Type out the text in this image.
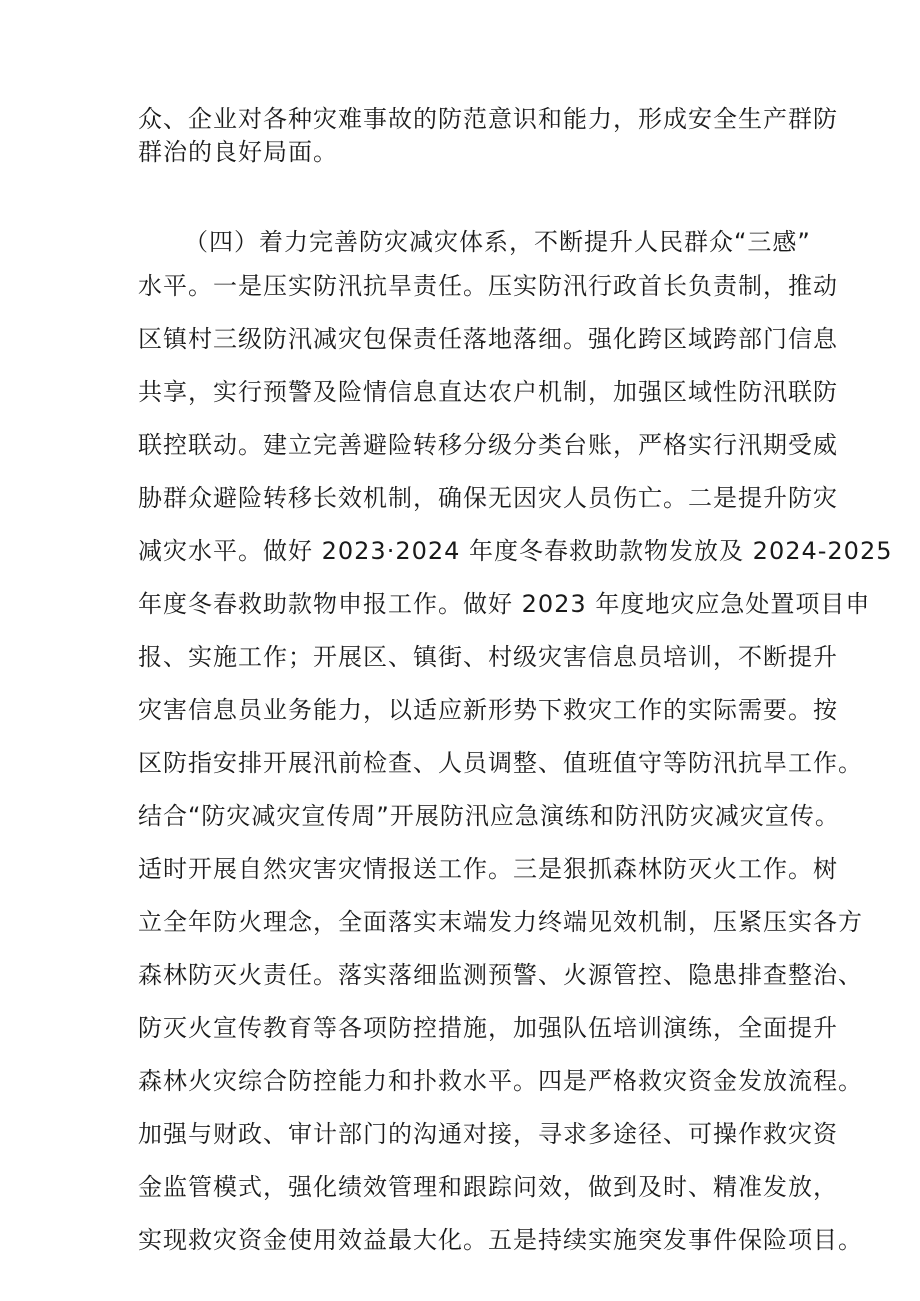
众、企业对各种灾难事故的防范意识和能力，形成安全生产群防
群治的良好局面。
（四）着力完善防灾减灾体系，不断提升人民群众“三感”
水平。一是压实防汛抗旱责任。压实防汛行政首长负责制，推动
区镇村三级防汛减灾包保责任落地落细。强化跨区域跨部门信息
共享，实行预警及险情信息直达农户机制，加强区域性防汛联防
联控联动。建立完善避险转移分级分类台账，严格实行汛期受威
胁群众避险转移长效机制，确保无因灾人员伤亡。二是提升防灾
减灾水平。做好 2023·2024 年度冬春救助款物发放及 2024-2025
年度冬春救助款物申报工作。做好 2023 年度地灾应急处置项目申
报、实施工作；开展区、镇街、村级灾害信息员培训，不断提升
灾害信息员业务能力，以适应新形势下救灾工作的实际需要。按
区防指安排开展汛前检查、人员调整、值班值守等防汛抗旱工作。
结合“防灾减灾宣传周”开展防汛应急演练和防汛防灾减灾宣传。
适时开展自然灾害灾情报送工作。三是狠抓森林防灭火工作。树
立全年防火理念，全面落实末端发力终端见效机制，压紧压实各方
森林防灭火责任。落实落细监测预警、火源管控、隐患排查整治、
防灭火宣传教育等各项防控措施，加强队伍培训演练，全面提升
森林火灾综合防控能力和扑救水平。四是严格救灾资金发放流程。
加强与财政、审计部门的沟通对接，寻求多途径、可操作救灾资
金监管模式，强化绩效管理和跟踪问效，做到及时、精准发放，
实现救灾资金使用效益最大化。五是持续实施突发事件保险项目。
